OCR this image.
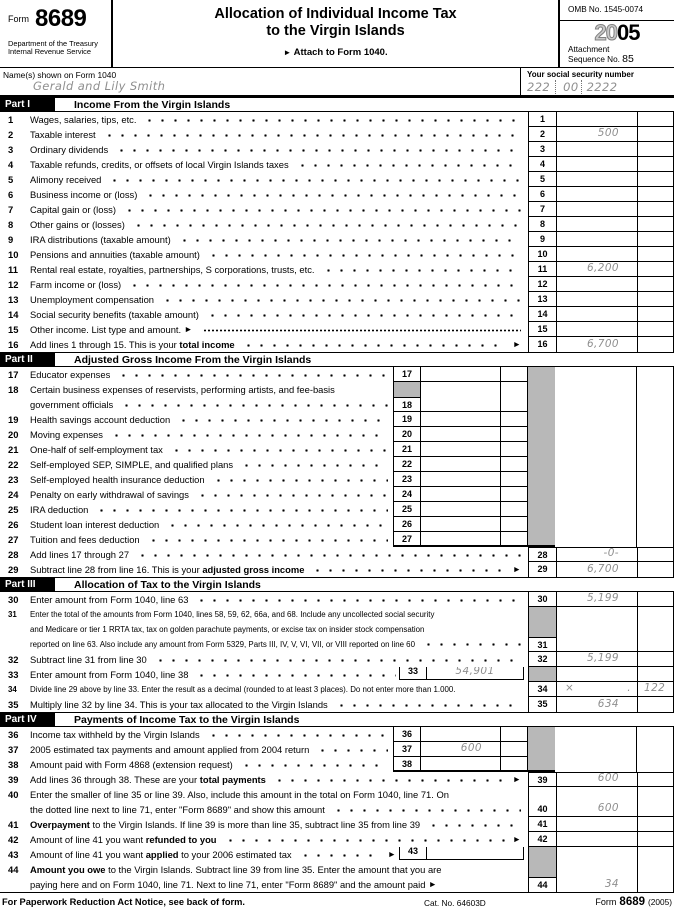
Form 8689
Department of the Treasury
Internal Revenue Service
Allocation of Individual Income Tax
to the Virgin Islands
► Attach to Form 1040.
OMB No. 1545-0074
2005
Attachment
Sequence No. 85
Name(s) shown on Form 1040
Gerald and Lily Smith
Your social security number
222	00 2222
Part I	Income From the Virgin Islands
1	Wages, salaries, tips, etc.	1
2	Taxable interest	2	500
3	Ordinary dividends	3
4	Taxable refunds, credits, or offsets of local Virgin Islands taxes	4
5	Alimony received	5
6	Business income or (loss)	6
7	Capital gain or (loss)	7
8	Other gains or (losses)	8
9	IRA distributions (taxable amount)	9
10	Pensions and annuities (taxable amount)	10
11	Rental real estate, royalties, partnerships, S corporations, trusts, etc.	11	6,200
12	Farm income or (loss)	12
13	Unemployment compensation	13
14	Social security benefits (taxable amount)	14
15	Other income. List type and amount. ►	15
16	Add lines 1 through 15. This is your total income	►	16	6,700
Part II	Adjusted Gross Income From the Virgin Islands
17	Educator expenses	17
18	Certain business expenses of reservists, performing artists, and fee-basis
government officials	18
19	Health savings account deduction	19
20	Moving expenses	20
21	One-half of self-employment tax	21
22	Self-employed SEP, SIMPLE, and qualified plans	22
23	Self-employed health insurance deduction	23
24	Penalty on early withdrawal of savings	24
25	IRA deduction	25
26	Student loan interest deduction	26
27	Tuition and fees deduction	27
28	Add lines 17 through 27	28	-0-
29	Subtract line 28 from line 16. This is your adjusted gross income	►	29	6,700
Part III	Allocation of Tax to the Virgin Islands
30	Enter amount from Form 1040, line 63	30	5,199
31	Enter the total of the amounts from Form 1040, lines 58, 59, 62, 66a, and 68. Include any uncollected social security
and Medicare or tier 1 RRTA tax, tax on golden parachute payments, or excise tax on insider stock compensation
reported on line 63. Also include any amount from Form 5329, Parts III, IV, V, VI, VII, or VIII reported on line 60	31
32	Subtract line 31 from line 30	32	5,199
33	Enter amount from Form 1040, line 38	33	54,901
34	Divide line 29 above by line 33. Enter the result as a decimal (rounded to at least 3 places). Do not enter more than 1.000.	34	×	. 122
35	Multiply line 32 by line 34. This is your tax allocated to the Virgin Islands	35	634
Part IV	Payments of Income Tax to the Virgin Islands
36	Income tax withheld by the Virgin Islands	36
37	2005 estimated tax payments and amount applied from 2004 return	37	600
38	Amount paid with Form 4868 (extension request)	38
39	Add lines 36 through 38. These are your total payments	►	39	600
40	Enter the smaller of line 35 or line 39. Also, include this amount in the total on Form 1040, line 71. On
the dotted line next to line 71, enter "Form 8689" and show this amount	40	600
41	Overpayment to the Virgin Islands. If line 39 is more than line 35, subtract line 35 from line 39	41
42	Amount of line 41 you want refunded to you	►	42
43	Amount of line 41 you want applied to your 2006 estimated tax	►	43
44	Amount you owe to the Virgin Islands. Subtract line 39 from line 35. Enter the amount that you are
paying here and on Form 1040, line 71. Next to line 71, enter "Form 8689" and the amount paid ►	44	34
For Paperwork Reduction Act Notice, see back of form.	Cat. No. 64603D	Form 8689 (2005)
